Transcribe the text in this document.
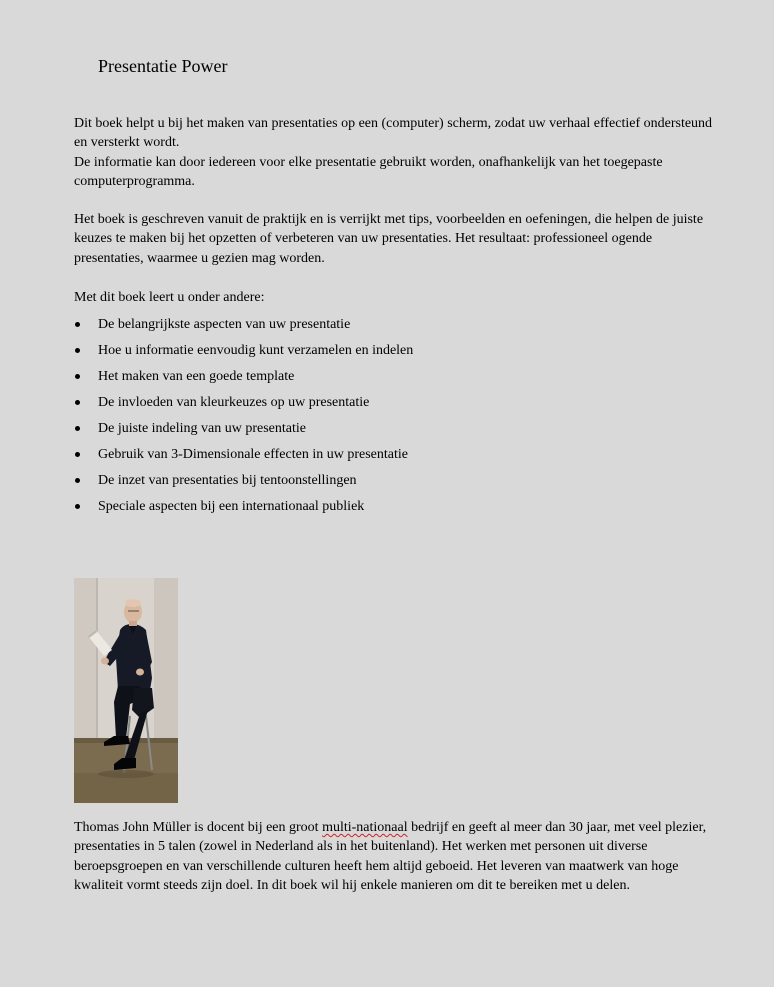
Presentatie Power

Dit boek helpt u bij het maken van presentaties op een (computer) scherm, zodat uw verhaal effectief ondersteund en versterkt wordt.
De informatie kan door iedereen voor elke presentatie gebruikt worden, onafhankelijk van het toegepaste computerprogramma.

Het boek is geschreven vanuit de praktijk en is verrijkt met tips, voorbeelden en oefeningen, die helpen de juiste keuzes te maken bij het opzetten of verbeteren van uw presentaties. Het resultaat: professioneel ogende presentaties, waarmee u gezien mag worden.

Met dit boek leert u onder andere:

De belangrijkste aspecten van uw presentatie
Hoe u informatie eenvoudig kunt verzamelen en indelen
Het maken van een goede template
De invloeden van kleurkeuzes op uw presentatie
De juiste indeling van uw presentatie
Gebruik van 3-Dimensionale effecten in uw presentatie
De inzet van presentaties bij tentoonstellingen
Speciale aspecten bij een internationaal publiek

Thomas John Müller is docent bij een groot multi-nationaal bedrijf en geeft al meer dan 30 jaar, met veel plezier, presentaties in 5 talen (zowel in Nederland als in het buitenland). Het werken met personen uit diverse beroepsgroepen en van verschillende culturen heeft hem altijd geboeid. Het leveren van maatwerk van hoge kwaliteit vormt steeds zijn doel. In dit boek wil hij enkele manieren om dit te bereiken met u delen.
